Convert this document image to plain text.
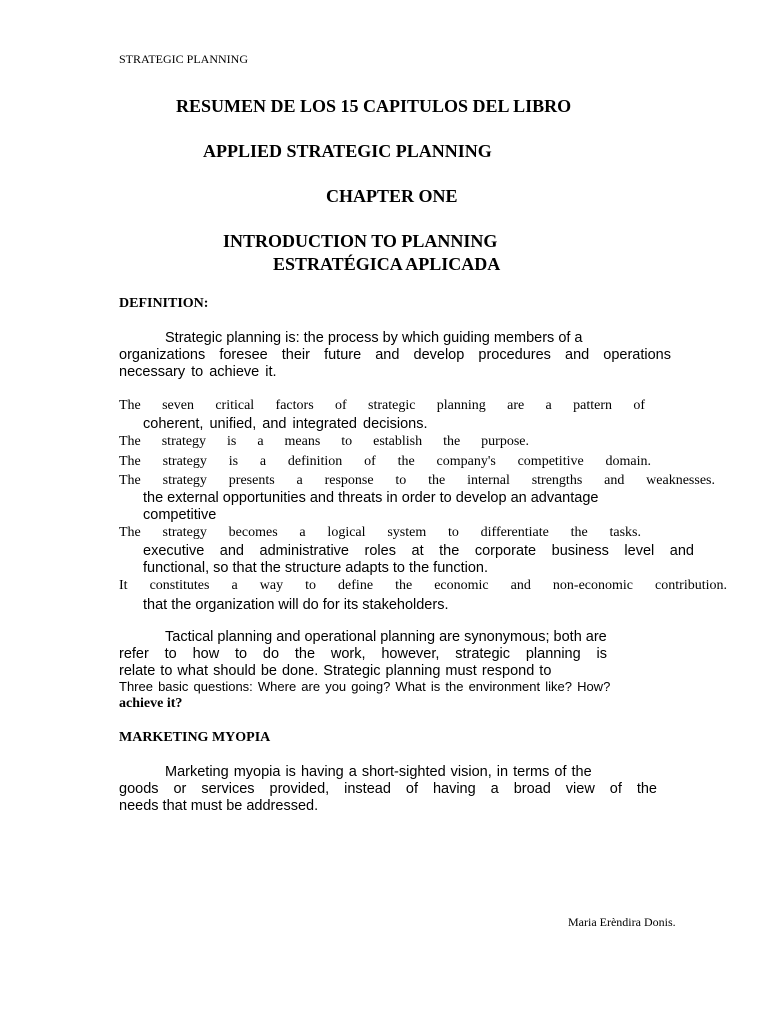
STRATEGIC PLANNING
RESUMEN DE LOS 15 CAPITULOS DEL LIBRO
APPLIED STRATEGIC PLANNING
CHAPTER ONE
INTRODUCTION TO PLANNING
ESTRATÉGICA APLICADA
DEFINITION:
Strategic planning is: the process by which guiding members of a
organizations foresee their future and develop procedures and operations
necessary to achieve it.
The seven critical factors of strategic planning are a pattern of
coherent, unified, and integrated decisions.
The strategy is a means to establish the purpose.
The strategy is a definition of the company's competitive domain.
The strategy presents a response to the internal strengths and weaknesses.
the external opportunities and threats in order to develop an advantage
competitive
The strategy becomes a logical system to differentiate the tasks.
executive and administrative roles at the corporate business level and
functional, so that the structure adapts to the function.
It constitutes a way to define the economic and non-economic contribution.
that the organization will do for its stakeholders.
Tactical planning and operational planning are synonymous; both are
refer to how to do the work, however, strategic planning is
relate to what should be done. Strategic planning must respond to
Three basic questions: Where are you going? What is the environment like? How?
achieve it?
MARKETING MYOPIA
Marketing myopia is having a short-sighted vision, in terms of the
goods or services provided, instead of having a broad view of the
needs that must be addressed.
Maria Erèndira Donis.
